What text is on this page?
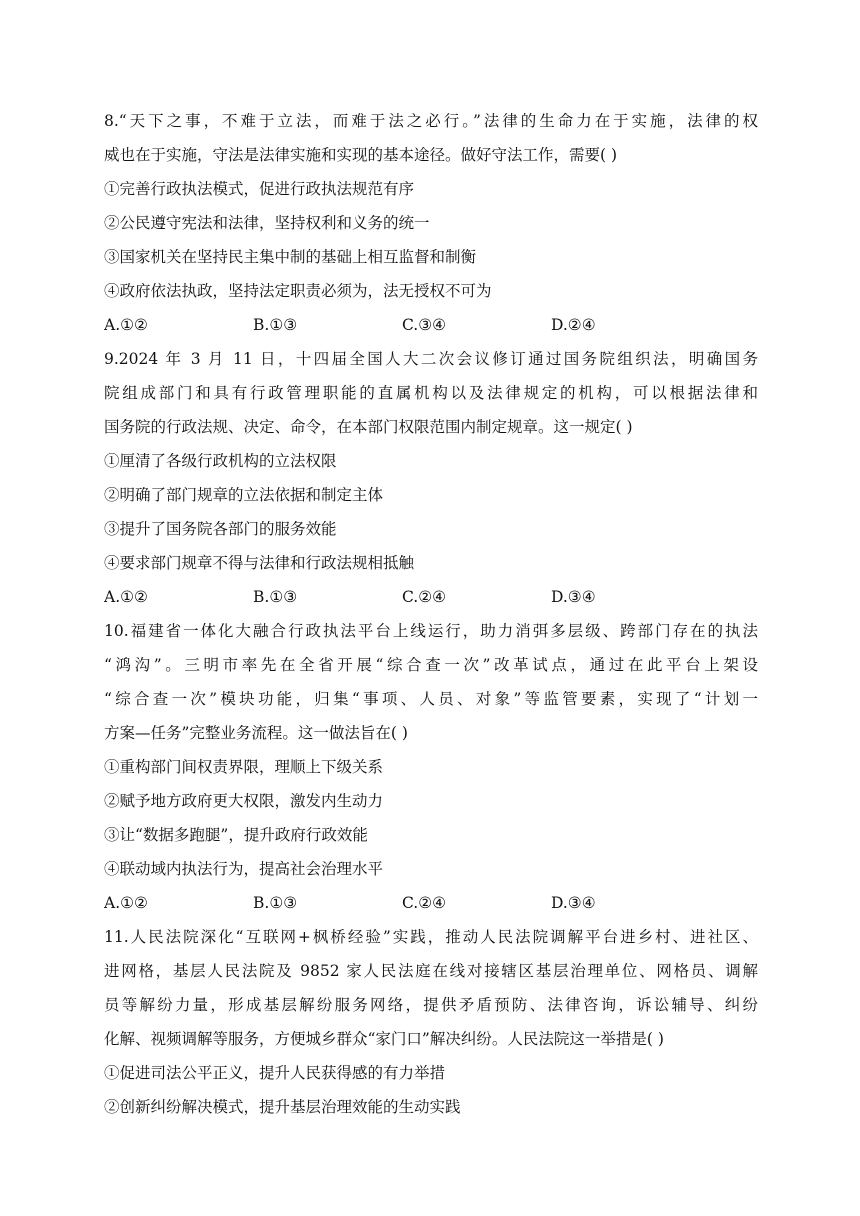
8.“天下之事，不难于立法，而难于法之必行。”法律的生命力在于实施，法律的权
威也在于实施，守法是法律实施和实现的基本途径。做好守法工作，需要( )
①完善行政执法模式，促进行政执法规范有序
②公民遵守宪法和法律，坚持权利和义务的统一
③国家机关在坚持民主集中制的基础上相互监督和制衡
④政府依法执政，坚持法定职责必须为，法无授权不可为
A.①②	B.①③	C.③④	D.②④
9.2024 年 3 月 11 日，十四届全国人大二次会议修订通过国务院组织法，明确国务
院组成部门和具有行政管理职能的直属机构以及法律规定的机构，可以根据法律和
国务院的行政法规、决定、命令，在本部门权限范围内制定规章。这一规定( )
①厘清了各级行政机构的立法权限
②明确了部门规章的立法依据和制定主体
③提升了国务院各部门的服务效能
④要求部门规章不得与法律和行政法规相抵触
A.①②	B.①③	C.②④	D.③④
10.福建省一体化大融合行政执法平台上线运行，助力消弭多层级、跨部门存在的执法
“鸿沟”。三明市率先在全省开展“综合查一次”改革试点，通过在此平台上架设
“综合查一次”模块功能，归集“事项、人员、对象”等监管要素，实现了“计划一
方案—任务”完整业务流程。这一做法旨在( )
①重构部门间权责界限，理顺上下级关系
②赋予地方政府更大权限，激发内生动力
③让“数据多跑腿”，提升政府行政效能
④联动域内执法行为，提高社会治理水平
A.①②	B.①③	C.②④	D.③④
11.人民法院深化“互联网+枫桥经验”实践，推动人民法院调解平台进乡村、进社区、
进网格，基层人民法院及 9852 家人民法庭在线对接辖区基层治理单位、网格员、调解
员等解纷力量，形成基层解纷服务网络，提供矛盾预防、法律咨询，诉讼辅导、纠纷
化解、视频调解等服务，方便城乡群众“家门口”解决纠纷。人民法院这一举措是( )
①促进司法公平正义，提升人民获得感的有力举措
②创新纠纷解决模式，提升基层治理效能的生动实践
